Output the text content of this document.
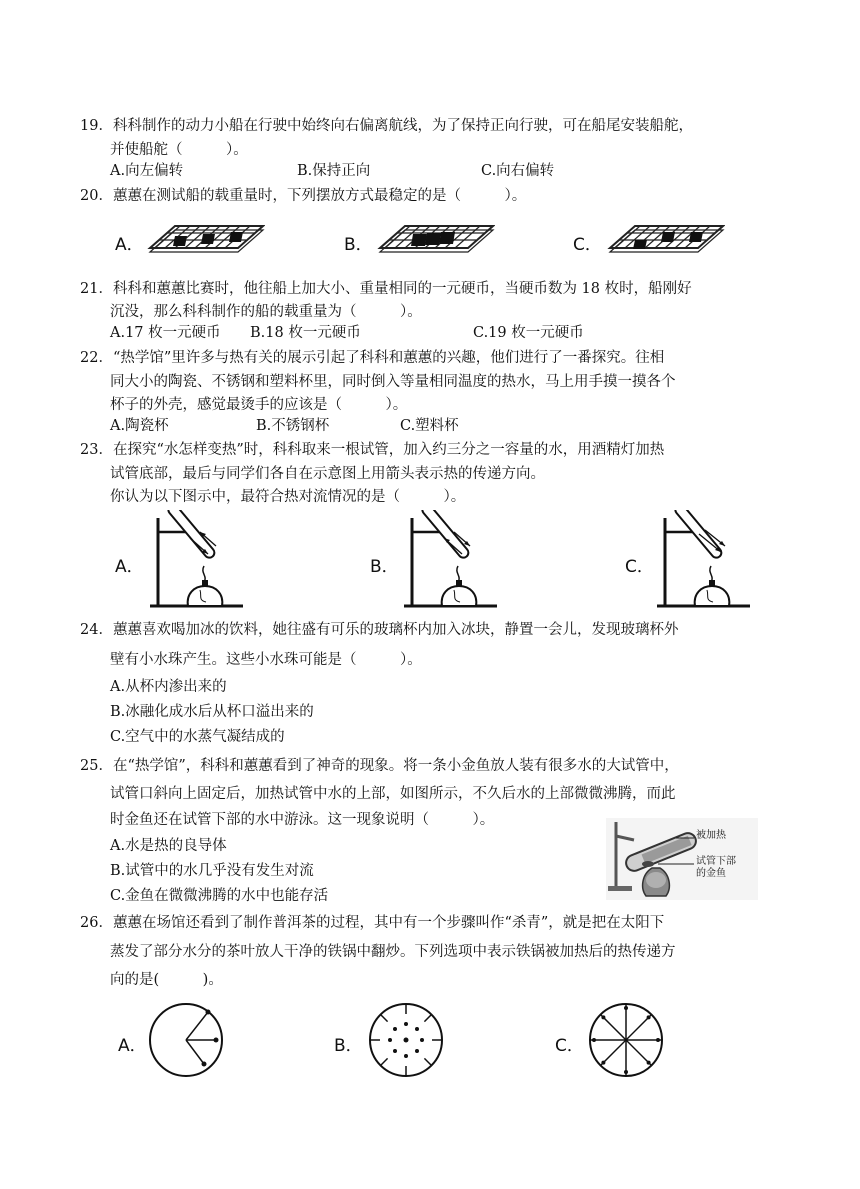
19．科科制作的动力小船在行驶中始终向右偏离航线，为了保持正向行驶，可在船尾安装船舵，
并使船舵（　　　）。
A.向左偏转	B.保持正向	C.向右偏转
20．蕙蕙在测试船的载重量时，下列摆放方式最稳定的是（　　　）。
A．	B．	C．
21．科科和蕙蕙比赛时，他往船上加大小、重量相同的一元硬币，当硬币数为 18 枚时，船刚好
沉没，那么科科制作的船的载重量为（　　　）。
A.17 枚一元硬币 B.18 枚一元硬币	C.19 枚一元硬币
22．“热学馆”里许多与热有关的展示引起了科科和蕙蕙的兴趣，他们进行了一番探究。往相
同大小的陶瓷、不锈钢和塑料杯里，同时倒入等量相同温度的热水，马上用手摸一摸各个
杯子的外壳，感觉最烫手的应该是（　　　）。
A.陶瓷杯	B.不锈钢杯	C.塑料杯
23．在探究“水怎样变热”时，科科取来一根试管，加入约三分之一容量的水，用酒精灯加热
试管底部，最后与同学们各自在示意图上用箭头表示热的传递方向。
你认为以下图示中，最符合热对流情况的是（　　　）。
A．	B．	C．
24．蕙蕙喜欢喝加冰的饮料，她往盛有可乐的玻璃杯内加入冰块，静置一会儿，发现玻璃杯外
壁有小水珠产生。这些小水珠可能是（　　　）。
A.从杯内渗出来的
B.冰融化成水后从杯口溢出来的
C.空气中的水蒸气凝结成的
25．在“热学馆”，科科和蕙蕙看到了神奇的现象。将一条小金鱼放人装有很多水的大试管中，
试管口斜向上固定后，加热试管中水的上部，如图所示，不久后水的上部微微沸腾，而此
时金鱼还在试管下部的水中游泳。这一现象说明（　　　）。
A.水是热的良导体
B.试管中的水几乎没有发生对流
C.金鱼在微微沸腾的水中也能存活
被加热
试管下部
的金鱼
26．蕙蕙在场馆还看到了制作普洱茶的过程，其中有一个步骤叫作“杀青”，就是把在太阳下
蒸发了部分水分的茶叶放人干净的铁锅中翻炒。下列选项中表示铁锅被加热后的热传递方
向的是(　　　)。
A．	B．	C．
